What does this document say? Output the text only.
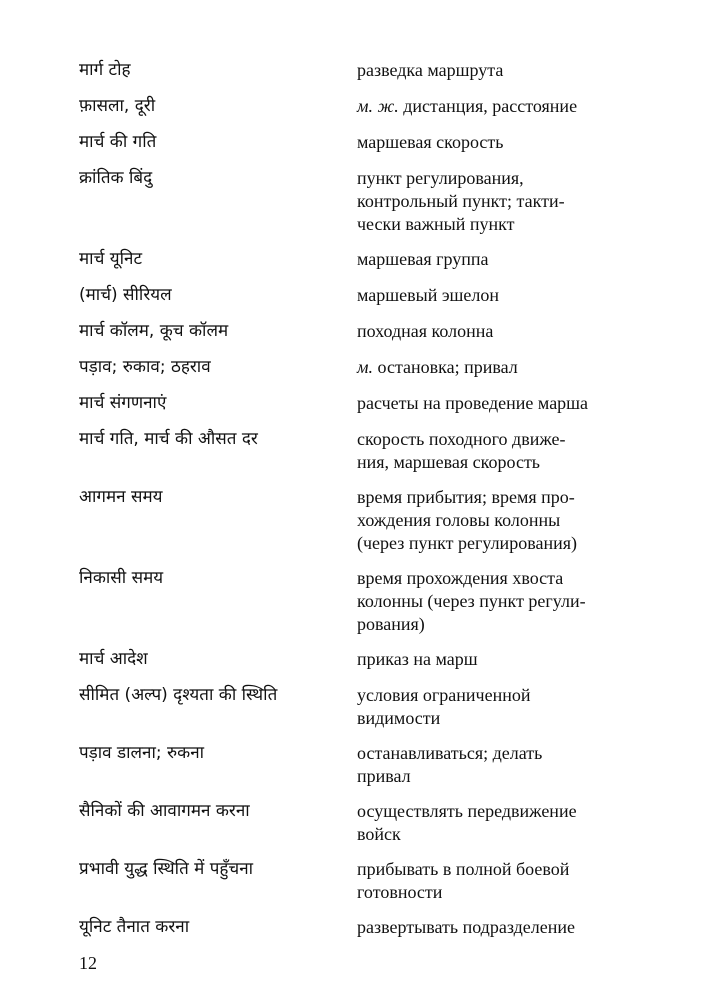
मार्ग टोह	разведка маршрута
फ़ासला, दूरी	м. ж. дистанция, расстояние
मार्च की गति	маршевая скорость
क्रांतिक बिंदु	пункт регулирования,
контрольный пункт; такти-
чески важный пункт
मार्च यूनिट	маршевая группа
(मार्च) सीरियल	маршевый эшелон
मार्च कॉलम, कूच कॉलम	походная колонна
पड़ाव; रुकाव; ठहराव	м. остановка; привал
मार्च संगणनाएं	расчеты на проведение марша
मार्च गति, मार्च की औसत दर	скорость походного движе-
ния, маршевая скорость
आगमन समय	время прибытия; время про-
хождения головы колонны
(через пункт регулирования)
निकासी समय	время прохождения хвоста
колонны (через пункт регули-
рования)
मार्च आदेश	приказ на марш
सीमित (अल्प) दृश्यता की स्थिति	условия ограниченной
видимости
पड़ाव डालना; रुकना	останавливаться; делать
привал
सैनिकों की आवागमन करना	осуществлять передвижение
войск
प्रभावी युद्ध स्थिति में पहुँचना	прибывать в полной боевой
готовности
यूनिट तैनात करना	развертывать подразделение
12
